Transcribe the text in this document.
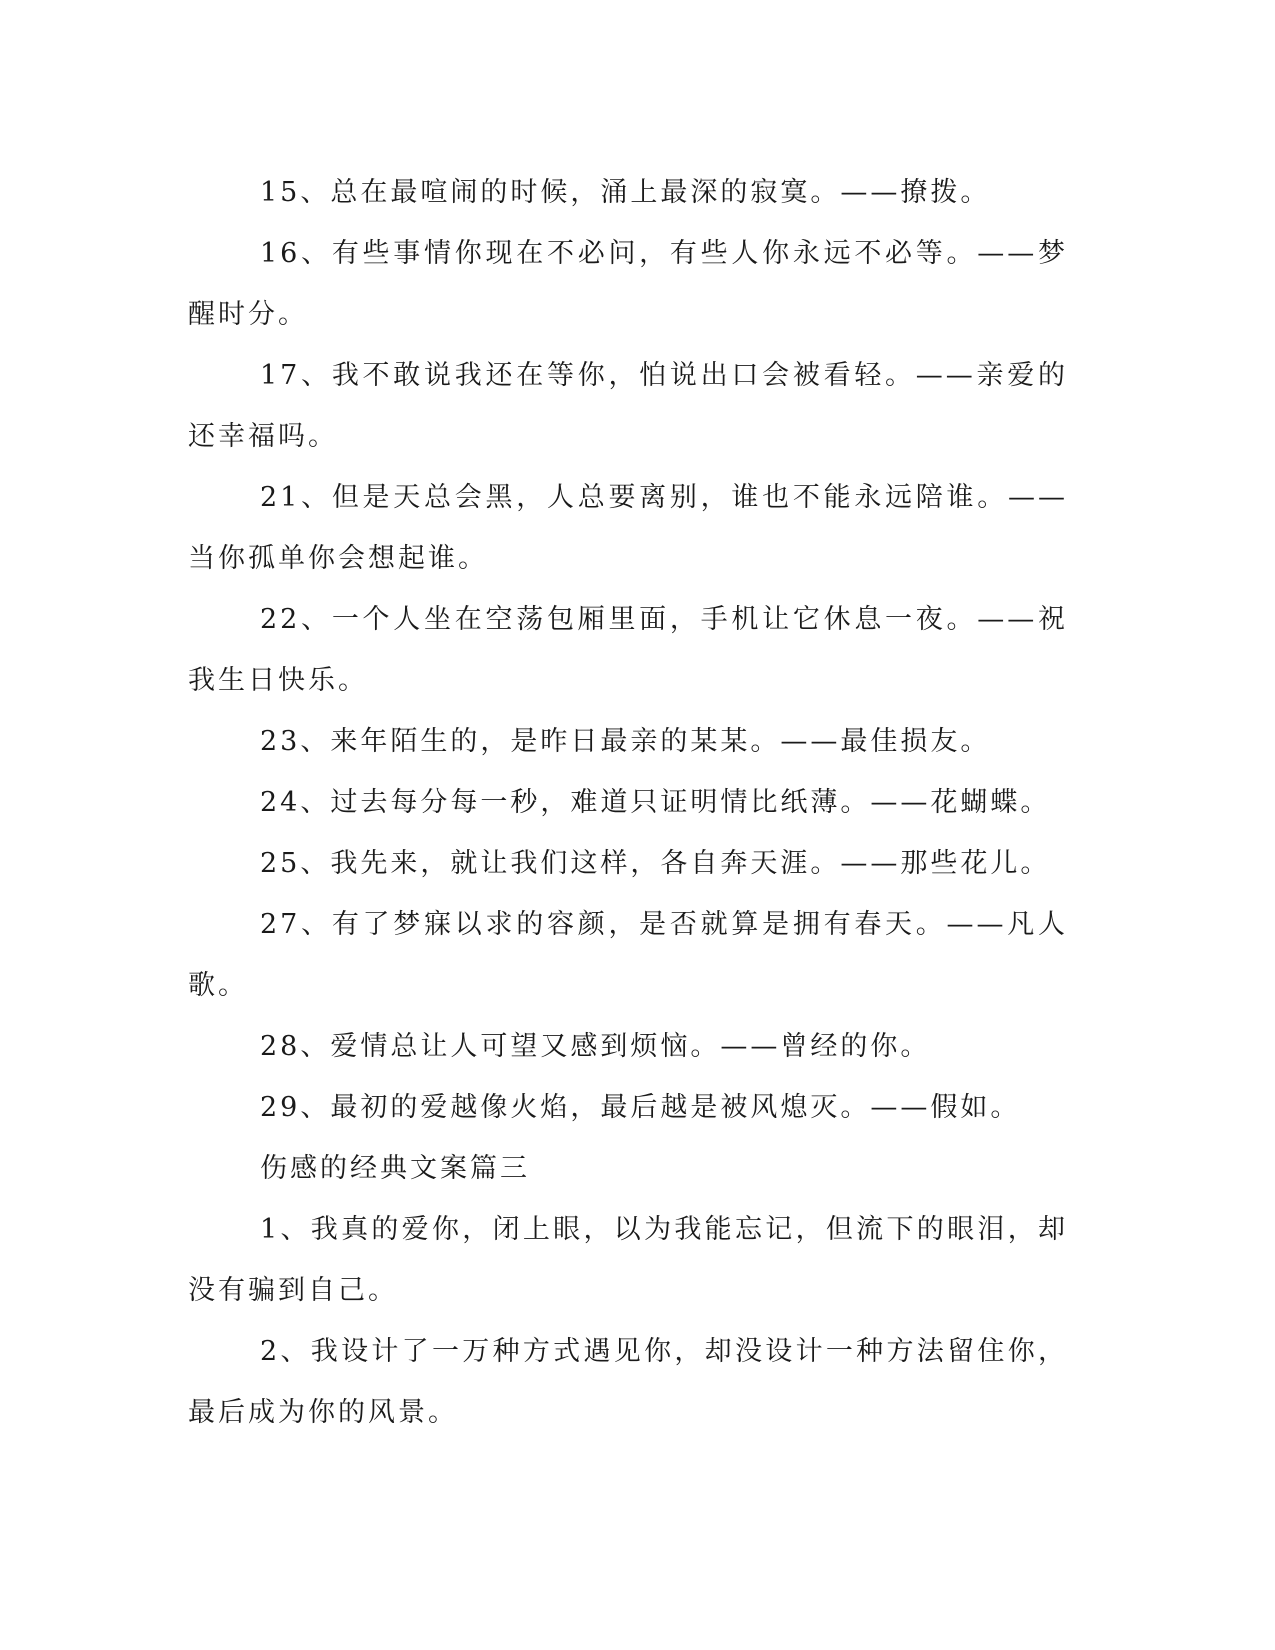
15、总在最喧闹的时候，涌上最深的寂寞。——撩拨。

16、有些事情你现在不必问，有些人你永远不必等。——梦醒时分。

17、我不敢说我还在等你，怕说出口会被看轻。——亲爱的还幸福吗。

21、但是天总会黑，人总要离别，谁也不能永远陪谁。——当你孤单你会想起谁。

22、一个人坐在空荡包厢里面，手机让它休息一夜。——祝我生日快乐。

23、来年陌生的，是昨日最亲的某某。——最佳损友。

24、过去每分每一秒，难道只证明情比纸薄。——花蝴蝶。

25、我先来，就让我们这样，各自奔天涯。——那些花儿。

27、有了梦寐以求的容颜，是否就算是拥有春天。——凡人歌。

28、爱情总让人可望又感到烦恼。——曾经的你。

29、最初的爱越像火焰，最后越是被风熄灭。——假如。

伤感的经典文案篇三

1、我真的爱你，闭上眼，以为我能忘记，但流下的眼泪，却没有骗到自己。

2、我设计了一万种方式遇见你，却没设计一种方法留住你，最后成为你的风景。
